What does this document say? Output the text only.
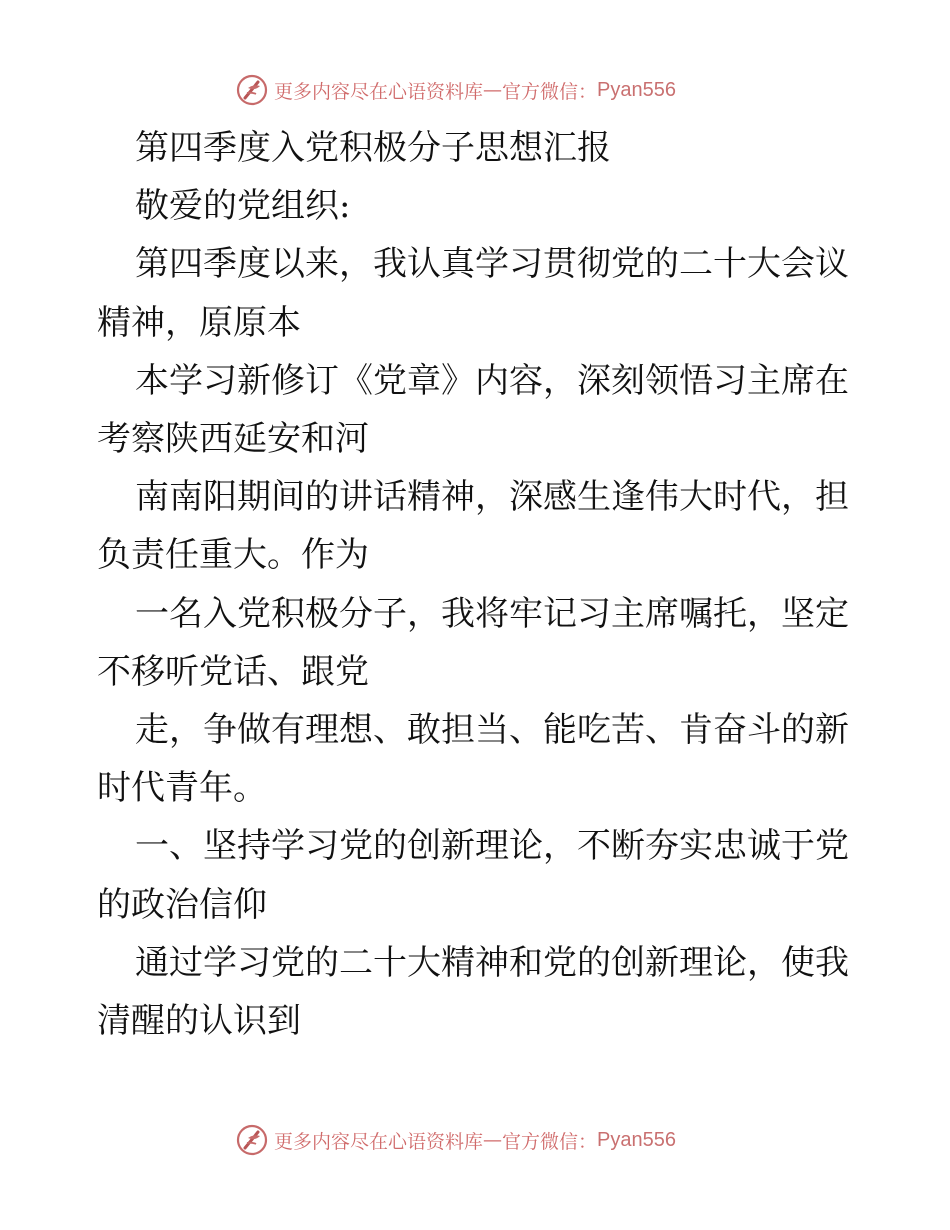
更多内容尽在心语资料库 — 官方微信： Pyan556

第四季度入党积极分子思想汇报

敬爱的党组织:

第四季度以来，我认真学习贯彻党的二十大会议精神，原原本

本学习新修订《党章》内容，深刻领悟习主席在考察陕西延安和河

南南阳期间的讲话精神，深感生逢伟大时代，担负责任重大。作为

一名入党积极分子，我将牢记习主席嘱托，坚定不移听党话、跟党

走，争做有理想、敢担当、能吃苦、肯奋斗的新时代青年。

一、坚持学习党的创新理论，不断夯实忠诚于党的政治信仰

通过学习党的二十大精神和党的创新理论，使我清醒的认识到

更多内容尽在心语资料库 — 官方微信： Pyan556
